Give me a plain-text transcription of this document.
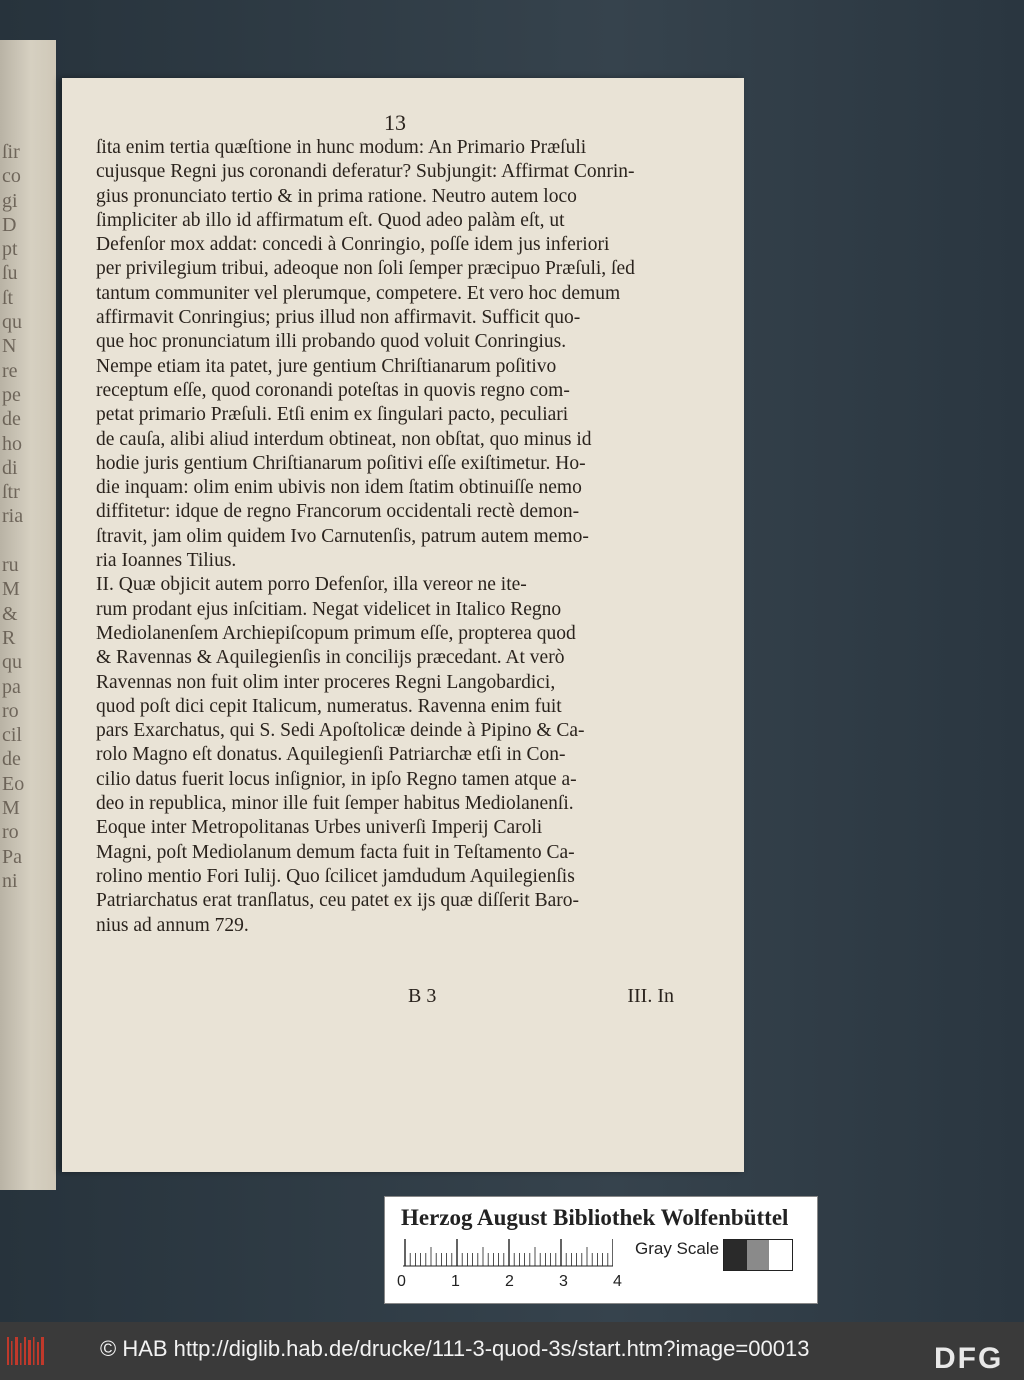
ſir
co
gi
D
pt
ſu
ſt
qu
N
re
pe
de
ho
di
ſtr
ria
ru
M
&
R
qu
pa
ro
cil
de
Eo
M
ro
Pa
ni
13
ſita enim tertia quæſtione in hunc modum: An Primario Præſuli
cujusque Regni jus coronandi deferatur? Subjungit: Affirmat Conrin-
gius pronunciato tertio & in prima ratione. Neutro autem loco
ſimpliciter ab illo id affirmatum eſt. Quod adeo palàm eſt, ut
Defenſor mox addat: concedi à Conringio, poſſe idem jus inferiori
per privilegium tribui, adeoque non ſoli ſemper præcipuo Præſuli, ſed
tantum communiter vel plerumque, competere. Et vero hoc demum
affirmavit Conringius; prius illud non affirmavit. Sufficit quo-
que hoc pronunciatum illi probando quod voluit Conringius.
Nempe etiam ita patet, jure gentium Chriſtianarum poſitivo
receptum eſſe, quod coronandi poteſtas in quovis regno com-
petat primario Præſuli. Etſi enim ex ſingulari pacto, peculiari
de cauſa, alibi aliud interdum obtineat, non obſtat, quo minus id
hodie juris gentium Chriſtianarum poſitivi eſſe exiſtimetur. Ho-
die inquam: olim enim ubivis non idem ſtatim obtinuiſſe nemo
diffitetur: idque de regno Francorum occidentali rectè demon-
ſtravit, jam olim quidem Ivo Carnutenſis, patrum autem memo-
ria Ioannes Tilius.
II. Quæ objicit autem porro Defenſor, illa vereor ne ite-
rum prodant ejus inſcitiam. Negat videlicet in Italico Regno
Mediolanenſem Archiepiſcopum primum eſſe, propterea quod
& Ravennas & Aquilegienſis in concilijs præcedant. At verò
Ravennas non fuit olim inter proceres Regni Langobardici,
quod poſt dici cepit Italicum, numeratus. Ravenna enim fuit
pars Exarchatus, qui S. Sedi Apoſtolicæ deinde à Pipino & Ca-
rolo Magno eſt donatus. Aquilegienſi Patriarchæ etſi in Con-
cilio datus fuerit locus inſignior, in ipſo Regno tamen atque a-
deo in republica, minor ille fuit ſemper habitus Mediolanenſi.
Eoque inter Metropolitanas Urbes univerſi Imperij Caroli
Magni, poſt Mediolanum demum facta fuit in Teſtamento Ca-
rolino mentio Fori Iulij. Quo ſcilicet jamdudum Aquilegienſis
Patriarchatus erat tranſlatus, ceu patet ex ijs quæ diſſerit Baro-
nius ad annum 729.
B 3	III. In
Herzog August Bibliothek Wolfenbüttel
0	1	2	3	4
Gray Scale
© HAB http://diglib.hab.de/drucke/111-3-quod-3s/start.htm?image=00013	DFG
